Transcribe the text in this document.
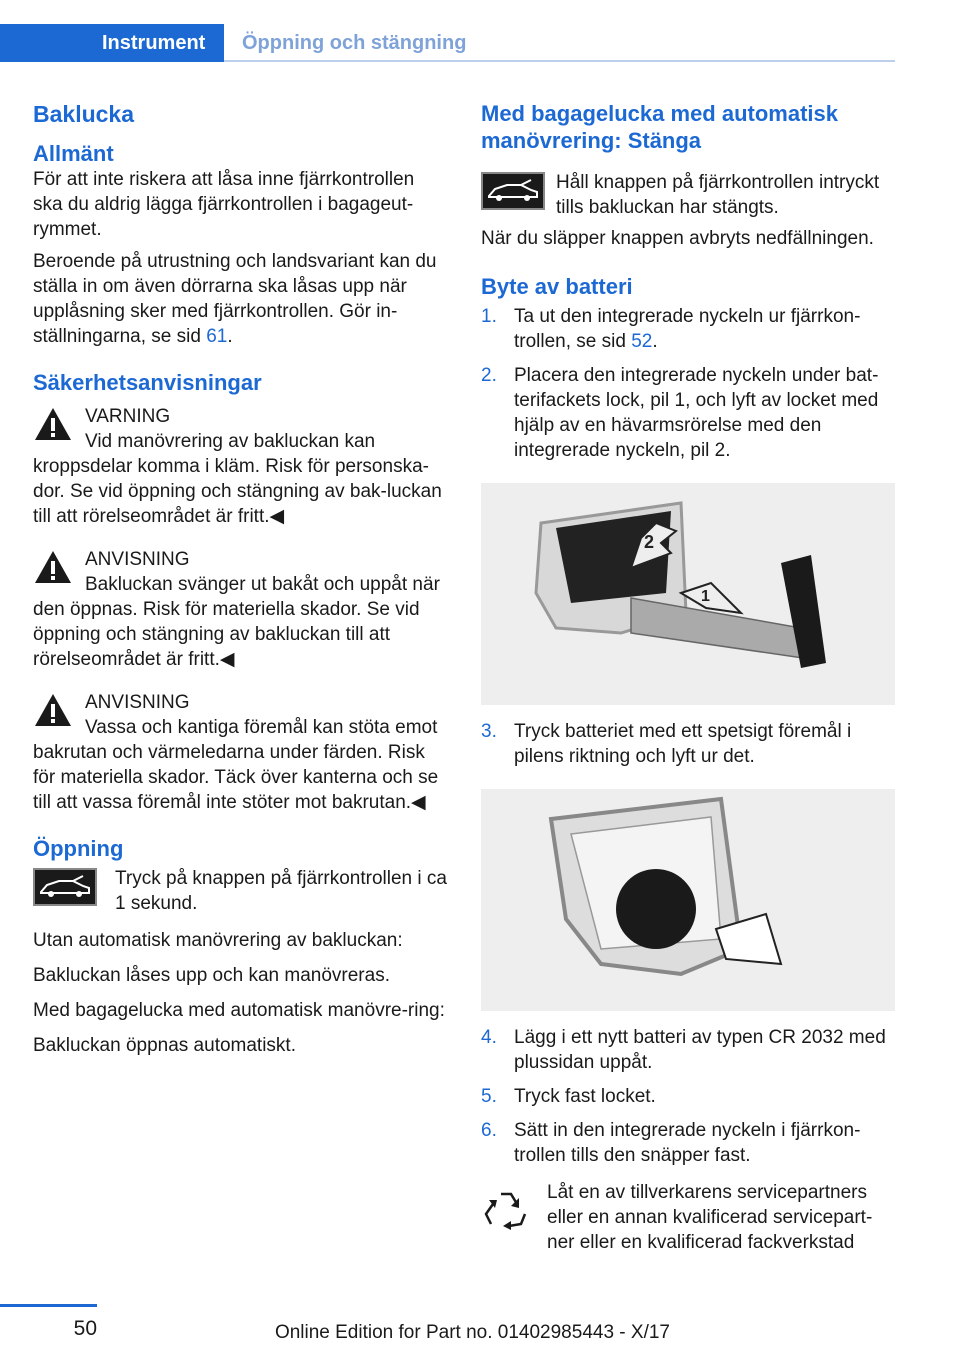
Instrument	Öppning och stängning
Baklucka
Allmänt

För att inte riskera att låsa inne fjärrkontrollen ska du aldrig lägga fjärrkontrollen i bagageut-rymmet.

Beroende på utrustning och landsvariant kan du ställa in om även dörrarna ska låsas upp när upplåsning sker med fjärrkontrollen. Gör in-ställningarna, se sid 61.

Säkerhetsanvisningar
VARNING
Vid manövrering av bakluckan kan kroppsdelar komma i kläm. Risk för personska-dor. Se vid öppning och stängning av bak-luckan till att rörelseområdet är fritt.◀
ANVISNING
Bakluckan svänger ut bakåt och uppåt när den öppnas. Risk för materiella skador. Se vid öppning och stängning av bakluckan till att rörelseområdet är fritt.◀
ANVISNING
Vassa och kantiga föremål kan stöta emot bakrutan och värmeledarna under färden. Risk för materiella skador. Täck över kanterna och se till att vassa föremål inte stöter mot bakrutan.◀
Öppning

Tryck på knappen på fjärrkontrollen i ca 1 sekund.

Utan automatisk manövrering av bakluckan:

Bakluckan låses upp och kan manövreras.

Med bagagelucka med automatisk manövre-ring:

Bakluckan öppnas automatiskt.

Med bagagelucka med automatisk manövrering: Stänga

Håll knappen på fjärrkontrollen intryckt tills bakluckan har stängts.

När du släpper knappen avbryts nedfällningen.

Byte av batteri
1. Ta ut den integrerade nyckeln ur fjärrkon-trollen, se sid 52.
2. Placera den integrerade nyckeln under bat-terifackets lock, pil 1, och lyft av locket med hjälp av en hävarmsrörelse med den integrerade nyckeln, pil 2.
2
1
3. Tryck batteriet med ett spetsigt föremål i pilens riktning och lyft ur det.
4. Lägg i ett nytt batteri av typen CR 2032 med plussidan uppåt.
5. Tryck fast locket.
6. Sätt in den integrerade nyckeln i fjärrkon-trollen tills den snäpper fast.

Låt en av tillverkarens servicepartners eller en annan kvalificerad servicepart-ner eller en kvalificerad fackverkstad

50	Online Edition for Part no. 01402985443 - X/17
